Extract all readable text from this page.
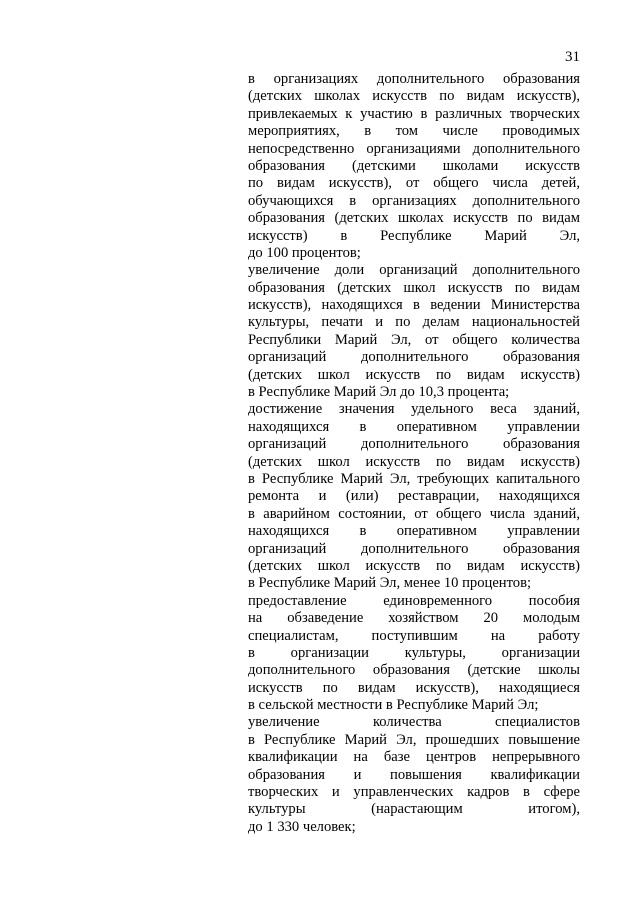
31
в организациях дополнительного образования
(детских школах искусств по видам искусств),
привлекаемых к участию в различных творческих
мероприятиях, в том числе проводимых
непосредственно организациями дополнительного
образования (детскими школами искусств
по видам искусств), от общего числа детей,
обучающихся в организациях дополнительного
образования (детских школах искусств по видам
искусств) в Республике Марий Эл,
до 100 процентов;
увеличение доли организаций дополнительного
образования (детских школ искусств по видам
искусств), находящихся в ведении Министерства
культуры, печати и по делам национальностей
Республики Марий Эл, от общего количества
организаций дополнительного образования
(детских школ искусств по видам искусств)
в Республике Марий Эл до 10,3 процента;
достижение значения удельного веса зданий,
находящихся в оперативном управлении
организаций дополнительного образования
(детских школ искусств по видам искусств)
в Республике Марий Эл, требующих капитального
ремонта и (или) реставрации, находящихся
в аварийном состоянии, от общего числа зданий,
находящихся в оперативном управлении
организаций дополнительного образования
(детских школ искусств по видам искусств)
в Республике Марий Эл, менее 10 процентов;
предоставление единовременного пособия
на обзаведение хозяйством 20 молодым
специалистам, поступившим на работу
в организации культуры, организации
дополнительного образования (детские школы
искусств по видам искусств), находящиеся
в сельской местности в Республике Марий Эл;
увеличение количества специалистов
в Республике Марий Эл, прошедших повышение
квалификации на базе центров непрерывного
образования и повышения квалификации
творческих и управленческих кадров в сфере
культуры (нарастающим итогом),
до 1 330 человек;
